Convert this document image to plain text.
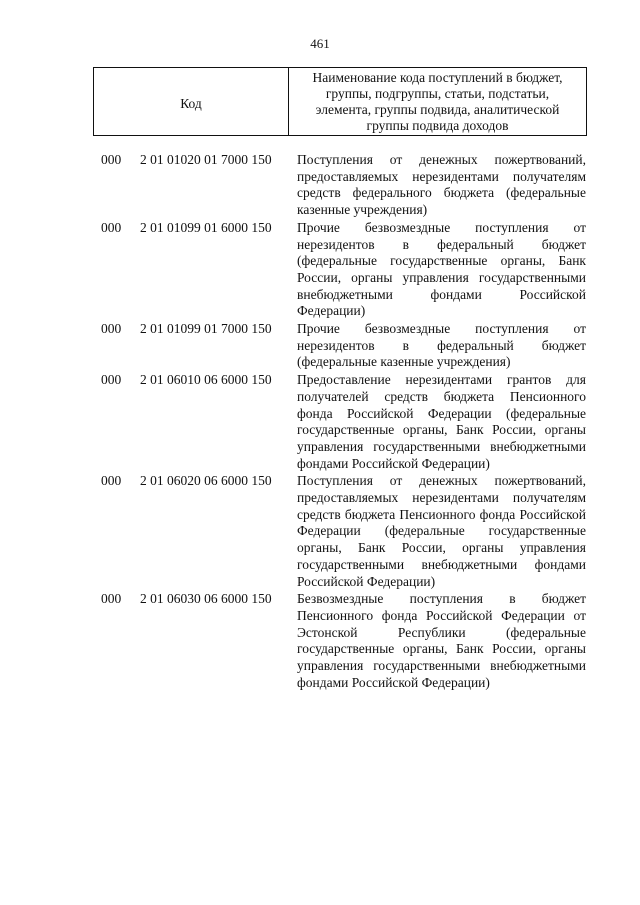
461
Код
Наименование кода поступлений в бюджет, группы, подгруппы, статьи, подстатьи, элемента, группы подвида, аналитической группы подвида доходов
000 2 01 01020 01 7000 150 Поступления от денежных пожертвований, предоставляемых нерезидентами получателям средств федерального бюджета (федеральные казенные учреждения)
000 2 01 01099 01 6000 150 Прочие безвозмездные поступления от нерезидентов в федеральный бюджет (федеральные государственные органы, Банк России, органы управления государственными внебюджетными фондами Российской Федерации)
000 2 01 01099 01 7000 150 Прочие безвозмездные поступления от нерезидентов в федеральный бюджет (федеральные казенные учреждения)
000 2 01 06010 06 6000 150 Предоставление нерезидентами грантов для получателей средств бюджета Пенсионного фонда Российской Федерации (федеральные государственные органы, Банк России, органы управления государственными внебюджетными фондами Российской Федерации)
000 2 01 06020 06 6000 150 Поступления от денежных пожертвований, предоставляемых нерезидентами получателям средств бюджета Пенсионного фонда Российской Федерации (федеральные государственные органы, Банк России, органы управления государственными внебюджетными фондами Российской Федерации)
000 2 01 06030 06 6000 150 Безвозмездные поступления в бюджет Пенсионного фонда Российской Федерации от Эстонской Республики (федеральные государственные органы, Банк России, органы управления государственными внебюджетными фондами Российской Федерации)
